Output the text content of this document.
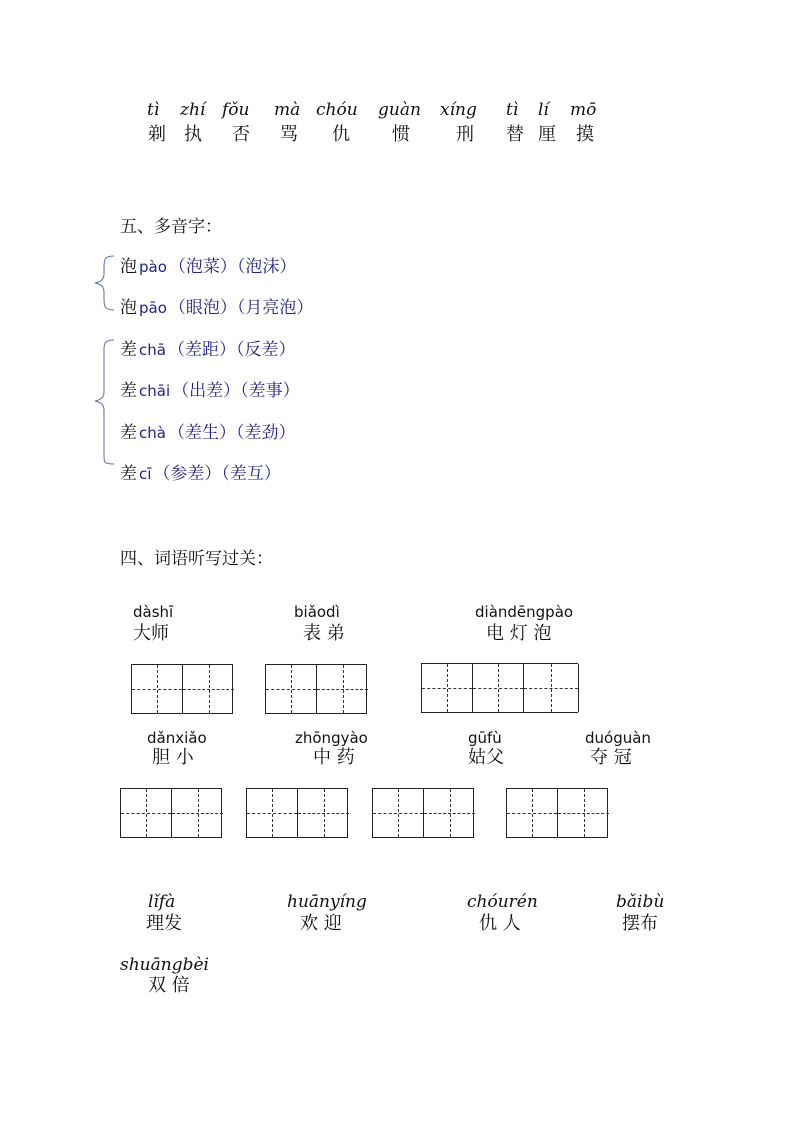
tì zhí fǒu mà chóu guàn xíng tì lí mō
剃 执 否 骂 仇 惯	刑 替 厘 摸
五、多音字：
泡 pào （泡菜）（泡沫）
泡 pāo （眼泡）（月亮泡）
差 chā （差距）（反差）
差 chāi （出差）（差事）
差 chà （差生）（差劲）
差 cī （参差）（差互）
四、词语听写过关：
dàshī
大师
biǎodì
表 弟
diàndēngpào
电 灯 泡
dǎnxiǎo
胆 小
zhōngyào
中 药
gūfù
姑父
duóguàn
夺 冠
lǐfà
理发
huānyíng
欢 迎
chóurén
仇 人
bǎibù
摆布
shuāngbèi
双 倍
